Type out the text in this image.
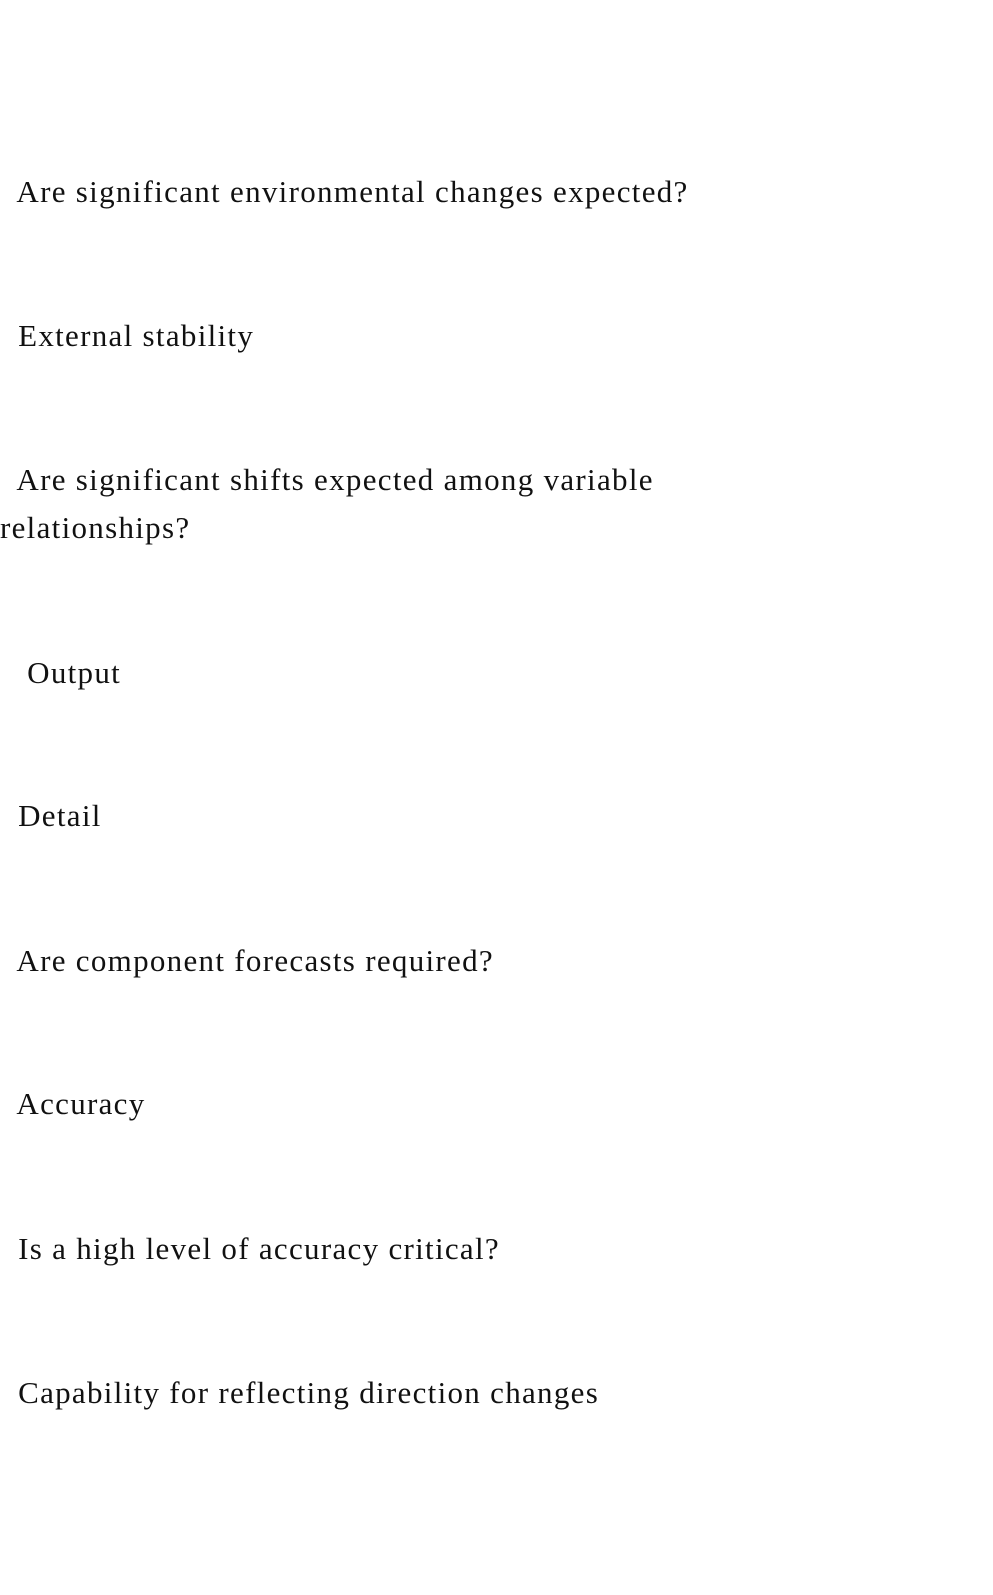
Are significant environmental changes expected?

External stability

Are significant shifts expected among variable

relationships?

Output

Detail

Are component forecasts required?

Accuracy

Is a high level of accuracy critical?

Capability for reflecting direction changes
